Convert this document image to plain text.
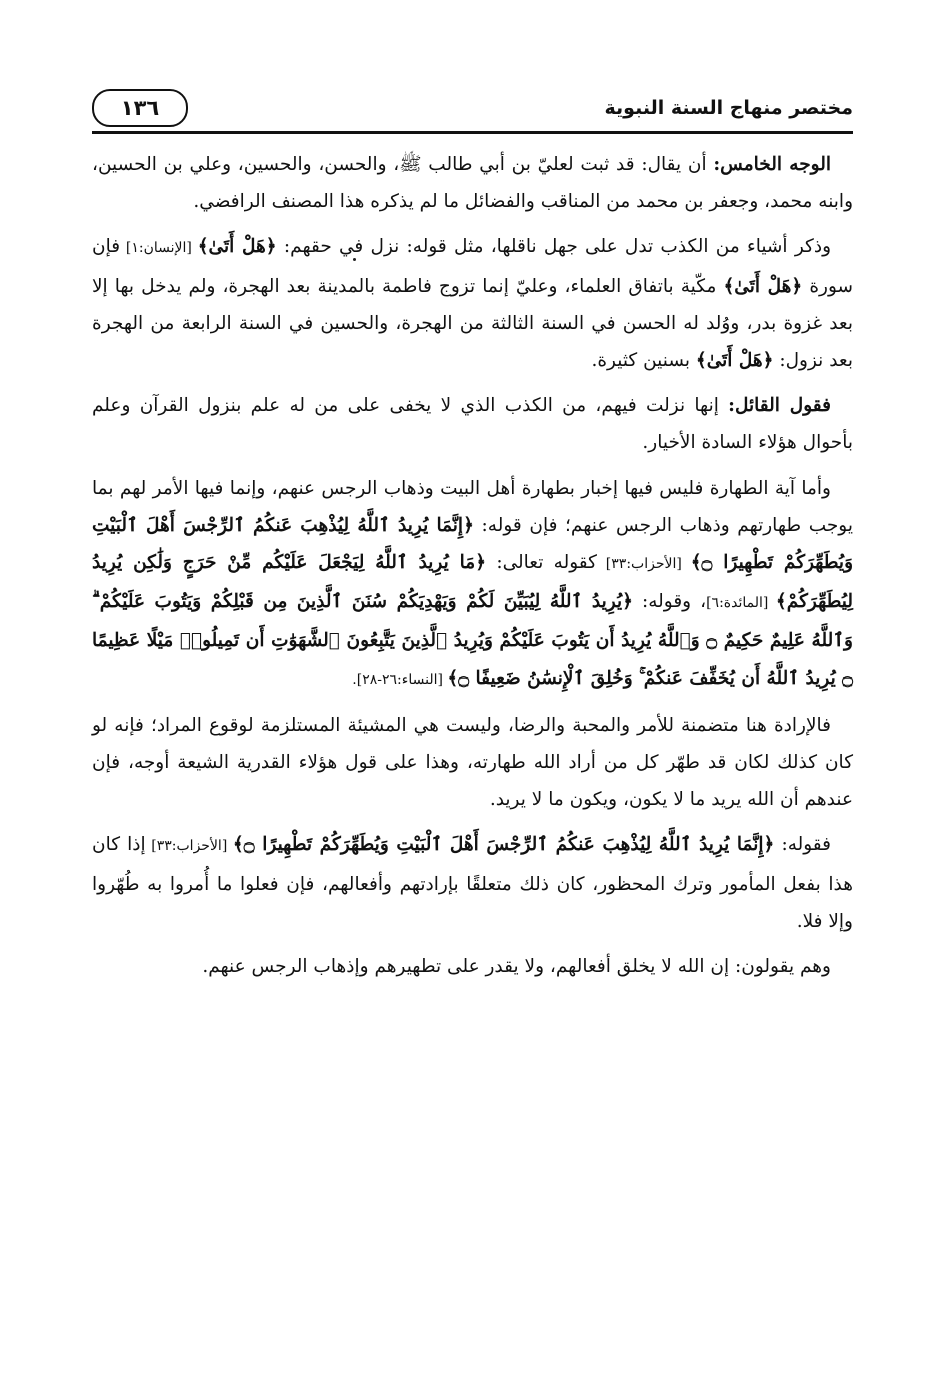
مختصر منهاج السنة النبوية
١٣٦

الوجه الخامس: أن يقال: قد ثبت لعليّ بن أبي طالب ﷺ، والحسن، والحسين، وعلي بن الحسين، وابنه محمد، وجعفر بن محمد من المناقب والفضائل ما لم يذكره هذا المصنف الرافضي.

وذكر أشياء من الكذب تدل على جهل ناقلها، مثل قوله: نزل في حقهم: ﴿هَلْ أَتَىٰ﴾ [الإنسان:١] فإن سورة ﴿هَلْ أَتَىٰ﴾ مكّية باتفاق العلماء، وعليّ إنما تزوج فاطمة بالمدينة بعد الهجرة، ولم يدخل بها إلا بعد غزوة بدر، ووُلد له الحسن في السنة الثالثة من الهجرة، والحسين في السنة الرابعة من الهجرة بعد نزول: ﴿هَلْ أَتَىٰ﴾ بسنين كثيرة.

فقول القائل: إنها نزلت فيهم، من الكذب الذي لا يخفى على من له علم بنزول القرآن وعلم بأحوال هؤلاء السادة الأخيار.

وأما آية الطهارة فليس فيها إخبار بطهارة أهل البيت وذهاب الرجس عنهم، وإنما فيها الأمر لهم بما يوجب طهارتهم وذهاب الرجس عنهم؛ فإن قوله: ﴿إِنَّمَا يُرِيدُ ٱللَّهُ لِيُذْهِبَ عَنكُمُ ٱلرِّجْسَ أَهْلَ ٱلْبَيْتِ وَيُطَهِّرَكُمْ تَطْهِيرًا ۝﴾ [الأحزاب:٣٣] كقوله تعالى: ﴿مَا يُرِيدُ ٱللَّهُ لِيَجْعَلَ عَلَيْكُم مِّنْ حَرَجٍ وَلَٰكِن يُرِيدُ لِيُطَهِّرَكُمْ﴾ [المائدة:٦]، وقوله: ﴿يُرِيدُ ٱللَّهُ لِيُبَيِّنَ لَكُمْ وَيَهْدِيَكُمْ سُنَنَ ٱلَّذِينَ مِن قَبْلِكُمْ وَيَتُوبَ عَلَيْكُمْ ۗ وَٱللَّهُ عَلِيمٌ حَكِيمٌ ۝ وَٱللَّهُ يُرِيدُ أَن يَتُوبَ عَلَيْكُمْ وَيُرِيدُ ٱلَّذِينَ يَتَّبِعُونَ ٱلشَّهَوَٰتِ أَن تَمِيلُوا۟ مَيْلًا عَظِيمًا ۝ يُرِيدُ ٱللَّهُ أَن يُخَفِّفَ عَنكُمْ ۚ وَخُلِقَ ٱلْإِنسَٰنُ ضَعِيفًا ۝﴾ [النساء:٢٦-٢٨].

فالإرادة هنا متضمنة للأمر والمحبة والرضا، وليست هي المشيئة المستلزمة لوقوع المراد؛ فإنه لو كان كذلك لكان قد طهّر كل من أراد الله طهارته، وهذا على قول هؤلاء القدرية الشيعة أوجه، فإن عندهم أن الله يريد ما لا يكون، ويكون ما لا يريد.

فقوله: ﴿إِنَّمَا يُرِيدُ ٱللَّهُ لِيُذْهِبَ عَنكُمُ ٱلرِّجْسَ أَهْلَ ٱلْبَيْتِ وَيُطَهِّرَكُمْ تَطْهِيرًا ۝﴾ [الأحزاب:٣٣] إذا كان هذا بفعل المأمور وترك المحظور، كان ذلك متعلقًا بإرادتهم وأفعالهم، فإن فعلوا ما أُمروا به طُهّروا وإلا فلا.

وهم يقولون: إن الله لا يخلق أفعالهم، ولا يقدر على تطهيرهم وإذهاب الرجس عنهم.
